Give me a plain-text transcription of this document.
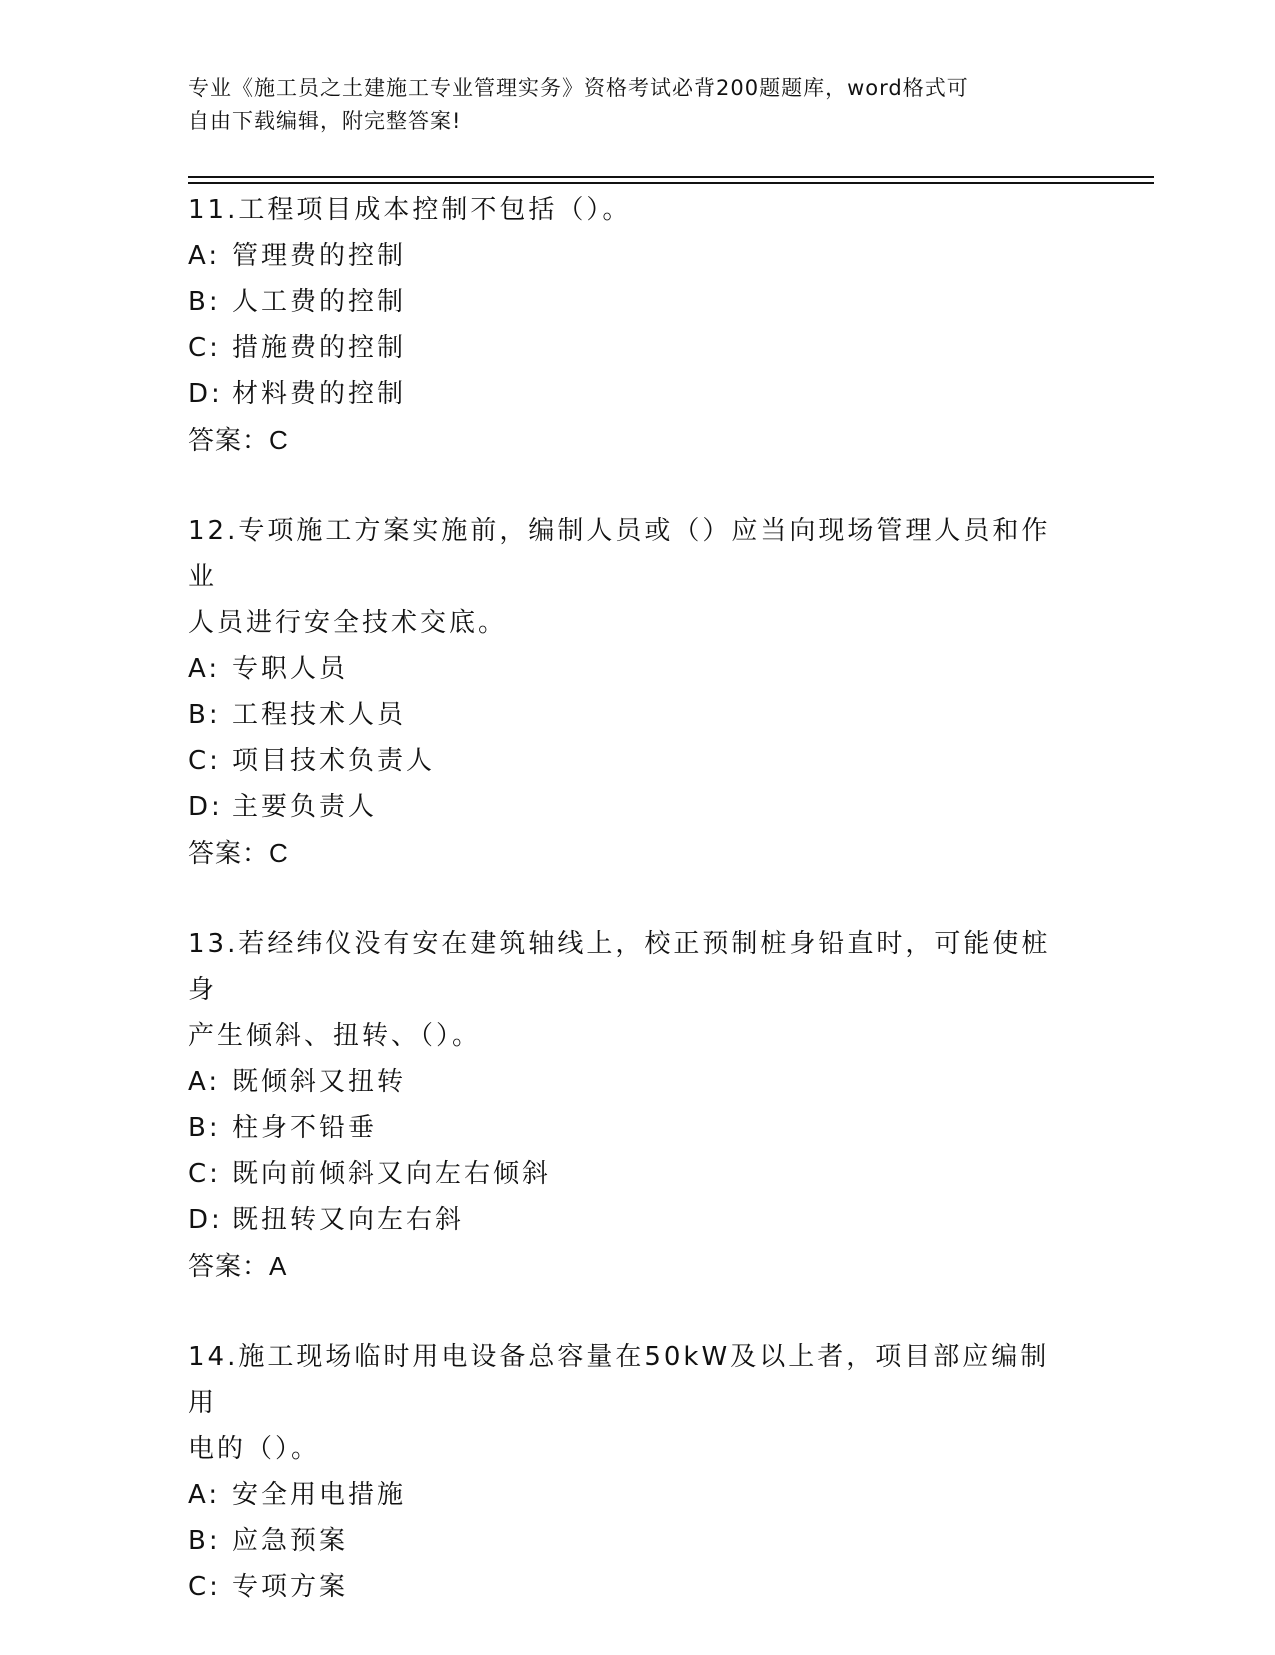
专业《施工员之土建施工专业管理实务》资格考试必背200题题库，word格式可
自由下载编辑，附完整答案!
11.工程项目成本控制不包括（）。
A: 管理费的控制
B: 人工费的控制
C: 措施费的控制
D: 材料费的控制
答案：C
12.专项施工方案实施前，编制人员或（）应当向现场管理人员和作业
人员进行安全技术交底。
A: 专职人员
B: 工程技术人员
C: 项目技术负责人
D: 主要负责人
答案：C
13.若经纬仪没有安在建筑轴线上，校正预制桩身铅直时，可能使桩身
产生倾斜、扭转、（）。
A: 既倾斜又扭转
B: 柱身不铅垂
C: 既向前倾斜又向左右倾斜
D: 既扭转又向左右斜
答案：A
14.施工现场临时用电设备总容量在50kW及以上者，项目部应编制用
电的（）。
A: 安全用电措施
B: 应急预案
C: 专项方案
